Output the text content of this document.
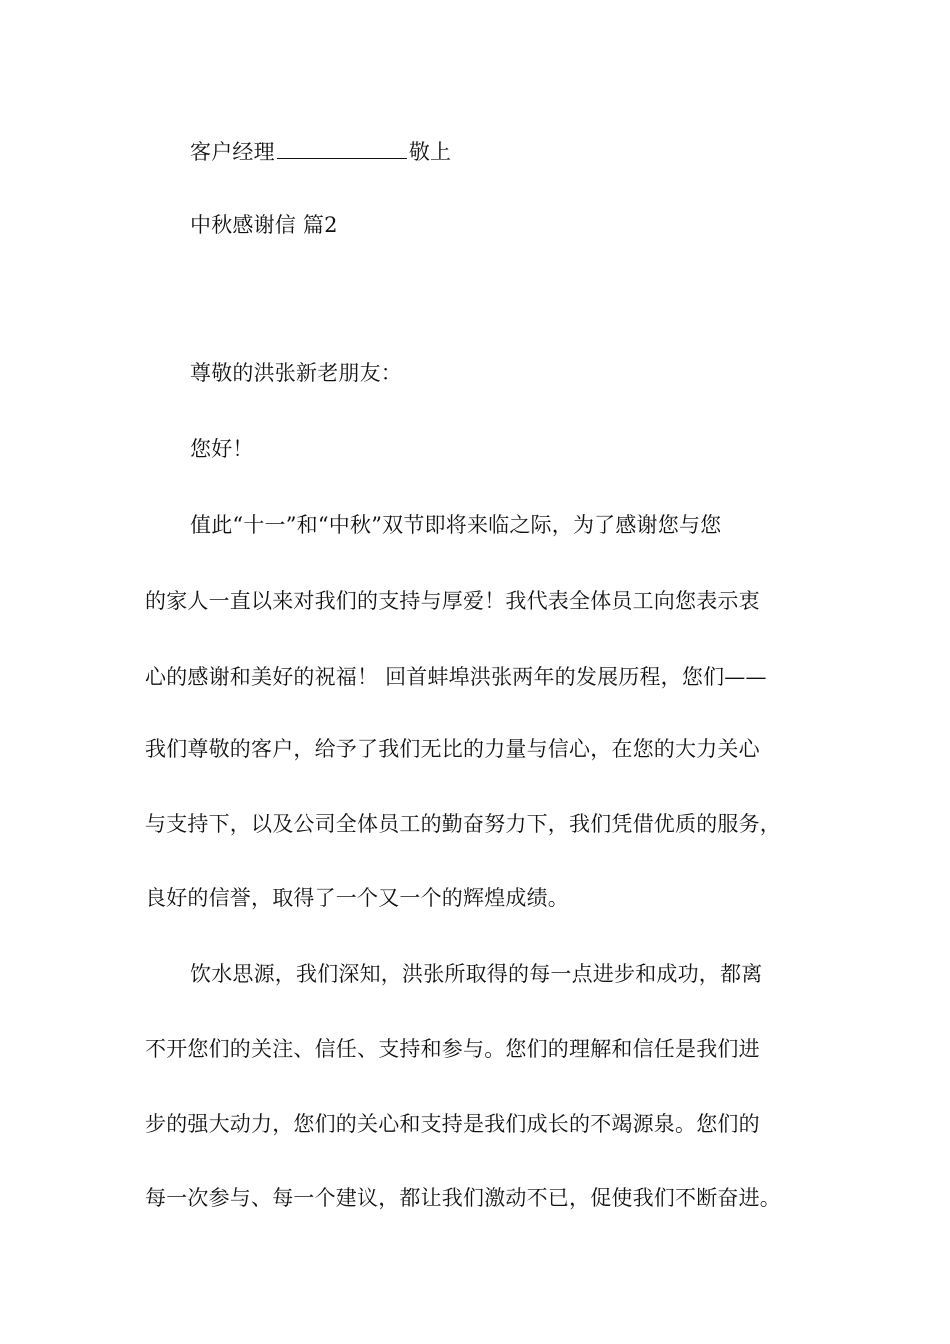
客户经理	敬上
中秋感谢信 篇2
尊敬的洪张新老朋友：
您好！
值此“十一”和“中秋”双节即将来临之际，为了感谢您与您
的家人一直以来对我们的支持与厚爱！我代表全体员工向您表示衷
心的感谢和美好的祝福！ 回首蚌埠洪张两年的发展历程，您们——
我们尊敬的客户，给予了我们无比的力量与信心，在您的大力关心
与支持下，以及公司全体员工的勤奋努力下，我们凭借优质的服务，
良好的信誉，取得了一个又一个的辉煌成绩。
饮水思源，我们深知，洪张所取得的每一点进步和成功，都离
不开您们的关注、信任、支持和参与。您们的理解和信任是我们进
步的强大动力，您们的关心和支持是我们成长的不竭源泉。您们的
每一次参与、每一个建议，都让我们激动不已，促使我们不断奋进。
